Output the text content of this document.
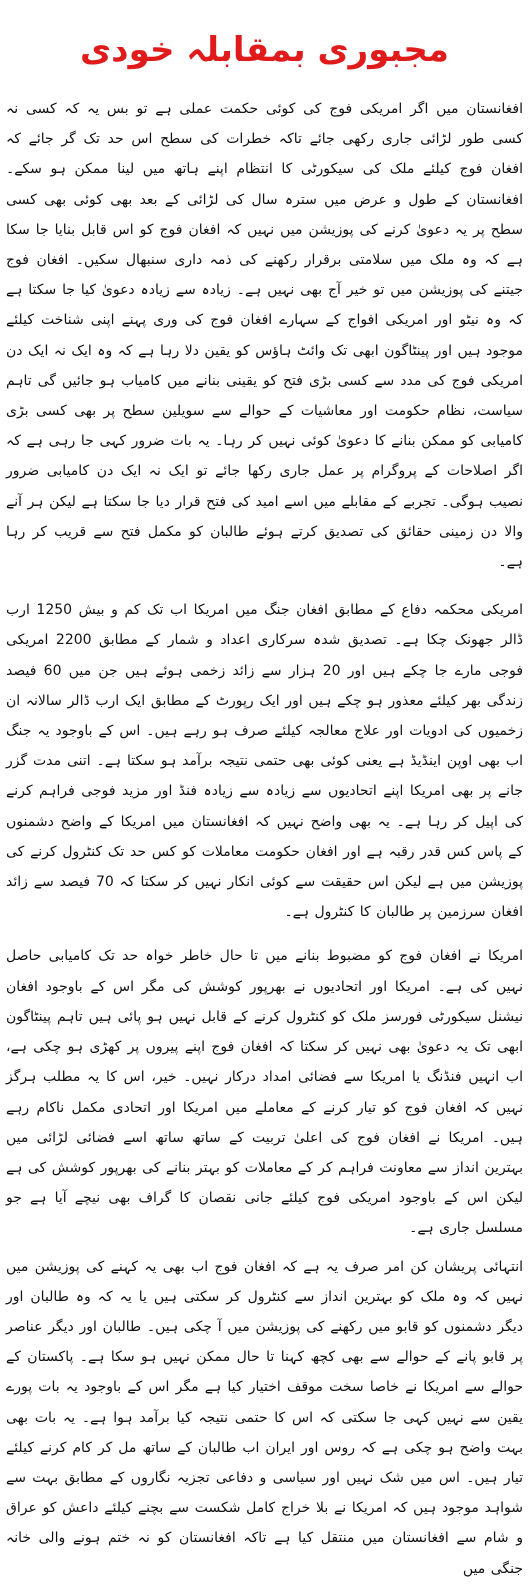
مجبوری بمقابلہ خودی

افغانستان میں اگر امریکی فوج کی کوئی حکمت عملی ہے تو بس یہ کہ کسی نہ کسی طور لڑائی جاری رکھی جائے تاکہ خطرات کی سطح اس حد تک گر جائے کہ افغان فوج کیلئے ملک کی سیکورٹی کا انتظام اپنے ہاتھ میں لینا ممکن ہو سکے۔ افغانستان کے طول و عرض میں سترہ سال کی لڑائی کے بعد بھی کوئی بھی کسی سطح پر یہ دعویٰ کرنے کی پوزیشن میں نہیں کہ افغان فوج کو اس قابل بنایا جا سکا ہے کہ وہ ملک میں سلامتی برقرار رکھنے کی ذمہ داری سنبھال سکیں۔ افغان فوج جیتنے کی پوزیشن میں تو خیر آج بھی نہیں ہے۔ زیادہ سے زیادہ دعویٰ کیا جا سکتا ہے کہ وہ نیٹو اور امریکی افواج کے سہارے افغان فوج کی وری پہنے اپنی شناخت کیلئے موجود ہیں اور پینٹاگون ابھی تک وائٹ ہاؤس کو یقین دلا رہا ہے کہ وہ ایک نہ ایک دن امریکی فوج کی مدد سے کسی بڑی فتح کو یقینی بنانے میں کامیاب ہو جائیں گی تاہم سیاست، نظام حکومت اور معاشیات کے حوالے سے سویلین سطح پر بھی کسی بڑی کامیابی کو ممکن بنانے کا دعویٰ کوئی نہیں کر رہا۔ یہ بات ضرور کہی جا رہی ہے کہ اگر اصلاحات کے پروگرام پر عمل جاری رکھا جائے تو ایک نہ ایک دن کامیابی ضرور نصیب ہوگی۔ تجربے کے مقابلے میں اسے امید کی فتح قرار دیا جا سکتا ہے لیکن ہر آنے والا دن زمینی حقائق کی تصدیق کرتے ہوئے طالبان کو مکمل فتح سے قریب کر رہا ہے۔

امریکی محکمہ دفاع کے مطابق افغان جنگ میں امریکا اب تک کم و بیش 1250 ارب ڈالر جھونک چکا ہے۔ تصدیق شدہ سرکاری اعداد و شمار کے مطابق 2200 امریکی فوجی مارے جا چکے ہیں اور 20 ہزار سے زائد زخمی ہوئے ہیں جن میں 60 فیصد زندگی بھر کیلئے معذور ہو چکے ہیں اور ایک رپورٹ کے مطابق ایک ارب ڈالر سالانہ ان زخمیوں کی ادویات اور علاج معالجہ کیلئے صرف ہو رہے ہیں۔ اس کے باوجود یہ جنگ اب بھی اوپن اینڈیڈ ہے یعنی کوئی بھی حتمی نتیجہ برآمد ہو سکتا ہے۔ اتنی مدت گزر جانے پر بھی امریکا اپنے اتحادیوں سے زیادہ سے زیادہ فنڈ اور مزید فوجی فراہم کرنے کی اپیل کر رہا ہے۔ یہ بھی واضح نہیں کہ افغانستان میں امریکا کے واضح دشمنوں کے پاس کس قدر رقبہ ہے اور افغان حکومت معاملات کو کس حد تک کنٹرول کرنے کی پوزیشن میں ہے لیکن اس حقیقت سے کوئی انکار نہیں کر سکتا کہ 70 فیصد سے زائد افغان سرزمین پر طالبان کا کنٹرول ہے۔

امریکا نے افغان فوج کو مضبوط بنانے میں تا حال خاطر خواہ حد تک کامیابی حاصل نہیں کی ہے۔ امریکا اور اتحادیوں نے بھرپور کوشش کی مگر اس کے باوجود افغان نیشنل سیکورٹی فورسز ملک کو کنٹرول کرنے کے قابل نہیں ہو پائی ہیں تاہم پینٹاگون ابھی تک یہ دعویٰ بھی نہیں کر سکتا کہ افغان فوج اپنے پیروں پر کھڑی ہو چکی ہے، اب انہیں فنڈنگ یا امریکا سے فضائی امداد درکار نہیں۔ خیر، اس کا یہ مطلب ہرگز نہیں کہ افغان فوج کو تیار کرنے کے معاملے میں امریکا اور اتحادی مکمل ناکام رہے ہیں۔ امریکا نے افغان فوج کی اعلیٰ تربیت کے ساتھ ساتھ اسے فضائی لڑائی میں بہترین انداز سے معاونت فراہم کر کے معاملات کو بہتر بنانے کی بھرپور کوشش کی ہے لیکن اس کے باوجود امریکی فوج کیلئے جانی نقصان کا گراف بھی نیچے آیا ہے جو مسلسل جاری ہے۔

انتہائی پریشان کن امر صرف یہ ہے کہ افغان فوج اب بھی یہ کہنے کی پوزیشن میں نہیں کہ وہ ملک کو بہترین انداز سے کنٹرول کر سکتی ہیں یا یہ کہ وہ طالبان اور دیگر دشمنوں کو قابو میں رکھنے کی پوزیشن میں آ چکی ہیں۔ طالبان اور دیگر عناصر پر قابو پانے کے حوالے سے بھی کچھ کہنا تا حال ممکن نہیں ہو سکا ہے۔ پاکستان کے حوالے سے امریکا نے خاصا سخت موقف اختیار کیا ہے مگر اس کے باوجود یہ بات پورے یقین سے نہیں کہی جا سکتی کہ اس کا حتمی نتیجہ کیا برآمد ہوا ہے۔ یہ بات بھی بہت واضح ہو چکی ہے کہ روس اور ایران اب طالبان کے ساتھ مل کر کام کرنے کیلئے تیار ہیں۔ اس میں شک نہیں اور سیاسی و دفاعی تجزیہ نگاروں کے مطابق بہت سے شواہد موجود ہیں کہ امریکا نے بلا خراج کامل شکست سے بچنے کیلئے داعش کو عراق و شام سے افغانستان میں منتقل کیا ہے تاکہ افغانستان کو نہ ختم ہونے والی خانہ جنگی میں
